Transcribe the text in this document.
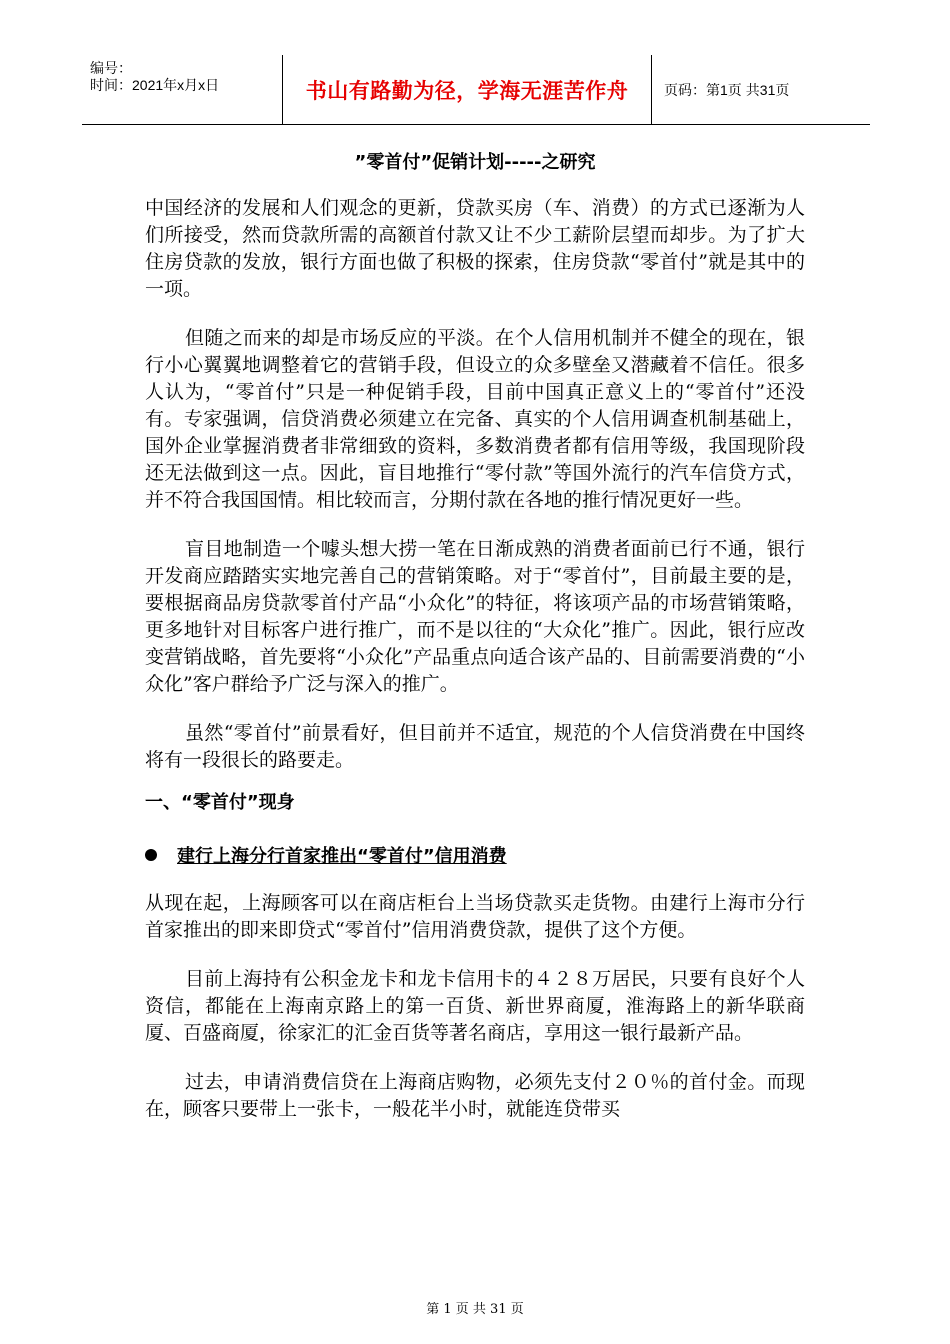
编号：
时间：2021年x月x日	书山有路勤为径，学海无涯苦作舟	页码：第1页 共31页
”零首付”促销计划-----之研究

中国经济的发展和人们观念的更新，贷款买房（车、消费）的方式已逐渐为人们所接受，然而贷款所需的高额首付款又让不少工薪阶层望而却步。为了扩大住房贷款的发放，银行方面也做了积极的探索，住房贷款“零首付”就是其中的一项。

但随之而来的却是市场反应的平淡。在个人信用机制并不健全的现在，银行小心翼翼地调整着它的营销手段，但设立的众多壁垒又潜藏着不信任。很多人认为，“零首付”只是一种促销手段，目前中国真正意义上的“零首付”还没有。专家强调，信贷消费必须建立在完备、真实的个人信用调查机制基础上，国外企业掌握消费者非常细致的资料，多数消费者都有信用等级，我国现阶段还无法做到这一点。因此，盲目地推行“零付款”等国外流行的汽车信贷方式，并不符合我国国情。相比较而言，分期付款在各地的推行情况更好一些。

盲目地制造一个噱头想大捞一笔在日渐成熟的消费者面前已行不通，银行开发商应踏踏实实地完善自己的营销策略。对于“零首付”，目前最主要的是，要根据商品房贷款零首付产品“小众化”的特征，将该项产品的市场营销策略，更多地针对目标客户进行推广，而不是以往的“大众化”推广。因此，银行应改变营销战略，首先要将“小众化”产品重点向适合该产品的、目前需要消费的“小众化”客户群给予广泛与深入的推广。

虽然“零首付”前景看好，但目前并不适宜，规范的个人信贷消费在中国终将有一段很长的路要走。

一、“零首付”现身
建行上海分行首家推出“零首付”信用消费

从现在起，上海顾客可以在商店柜台上当场贷款买走货物。由建行上海市分行首家推出的即来即贷式“零首付”信用消费贷款，提供了这个方便。

目前上海持有公积金龙卡和龙卡信用卡的４２８万居民，只要有良好个人资信，都能在上海南京路上的第一百货、新世界商厦，淮海路上的新华联商厦、百盛商厦，徐家汇的汇金百货等著名商店，享用这一银行最新产品。

过去，申请消费信贷在上海商店购物，必须先支付２０％的首付金。而现在，顾客只要带上一张卡，一般花半小时，就能连贷带买

第 1 页 共 31 页
